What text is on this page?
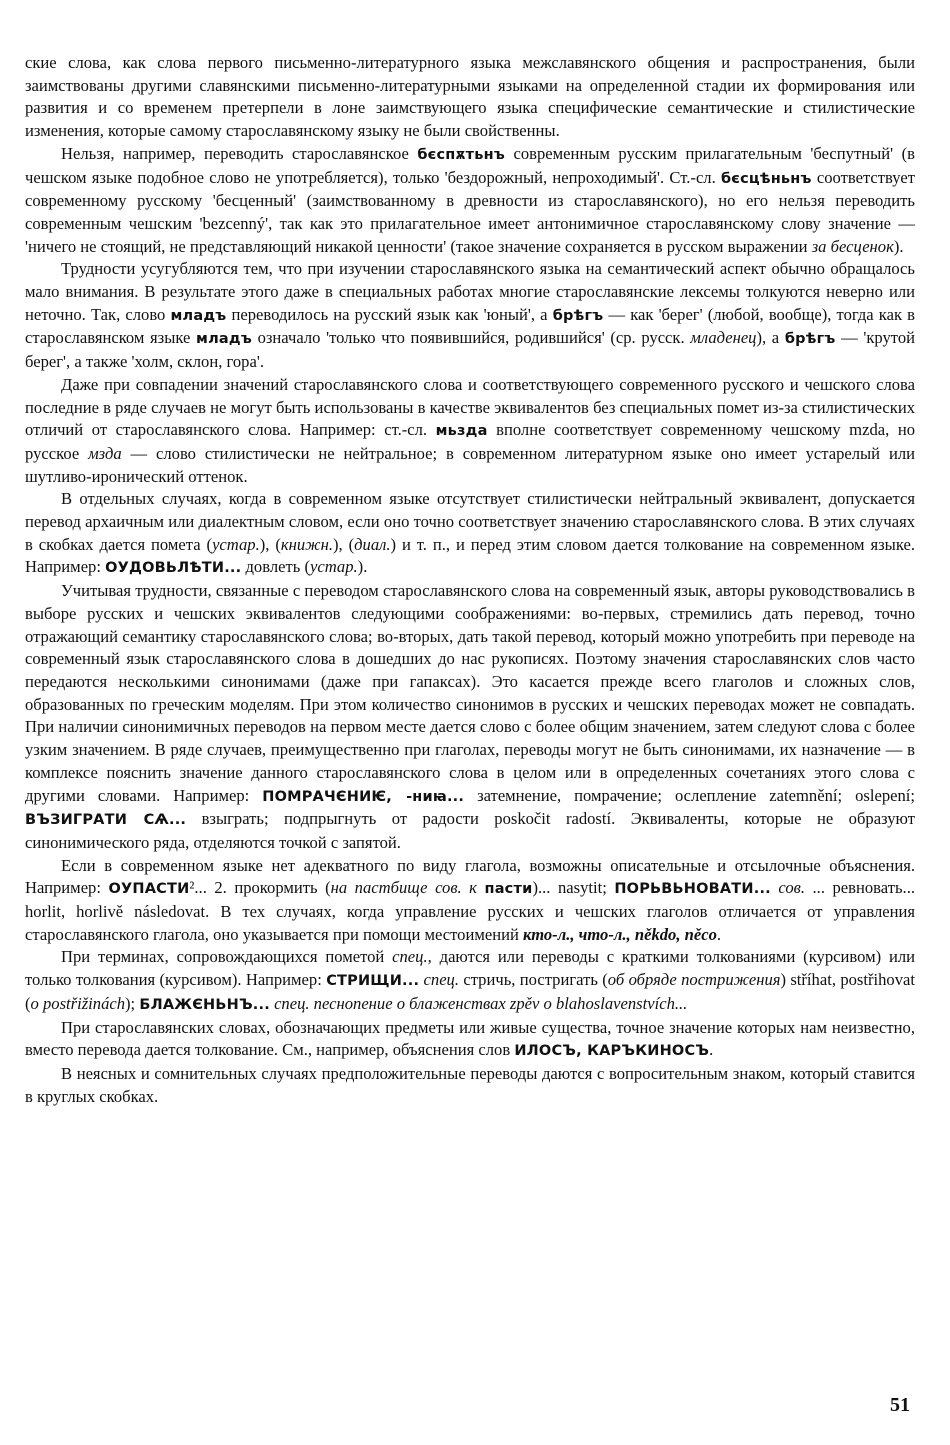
ские слова, как слова первого письменно-литературного языка межславянского общения и распространения, были заимствованы другими славянскими письменно-литературными языками на определенной стадии их формирования или развития и со временем претерпели в лоне заимствующего языка специфические семантические и стилистические изменения, которые самому старославянскому языку не были свойственны.

Нельзя, например, переводить старославянское бєспѫтьнъ современным русским прилагательным 'беспутный' (в чешском языке подобное слово не употребляется), только 'бездорожный, непроходимый'. Ст.-сл. бєсцѣньнъ соответствует современному русскому 'бесценный' (заимствованному в древности из старославянского), но его нельзя переводить современным чешским 'bezcenný', так как это прилагательное имеет антонимичное старославянскому слову значение — 'ничего не стоящий, не представляющий никакой ценности' (такое значение сохраняется в русском выражении за бесценок).

Трудности усугубляются тем, что при изучении старославянского языка на семантический аспект обычно обращалось мало внимания. В результате этого даже в специальных работах многие старославянские лексемы толкуются неверно или неточно. Так, слово младъ переводилось на русский язык как 'юный', а брѣгъ — как 'берег' (любой, вообще), тогда как в старославянском языке младъ означало 'только что появившийся, родившийся' (ср. русск. младенец), а брѣгъ — 'крутой берег', а также 'холм, склон, гора'.

Даже при совпадении значений старославянского слова и соответствующего современного русского и чешского слова последние в ряде случаев не могут быть использованы в качестве эквивалентов без специальных помет из-за стилистических отличий от старославянского слова. Например: ст.-сл. мьзда вполне соответствует современному чешскому mzda, но русское мзда — слово стилистически не нейтральное; в современном литературном языке оно имеет устарелый или шутливо-иронический оттенок.

В отдельных случаях, когда в современном языке отсутствует стилистически нейтральный эквивалент, допускается перевод архаичным или диалектным словом, если оно точно соответствует значению старославянского слова. В этих случаях в скобках дается помета (устар.), (книжн.), (диал.) и т. п., и перед этим словом дается толкование на современном языке. Например: ОУДОВЬЛѢТИ... довлеть (устар.).

Учитывая трудности, связанные с переводом старославянского слова на современный язык, авторы руководствовались в выборе русских и чешских эквивалентов следующими соображениями: во-первых, стремились дать перевод, точно отражающий семантику старославянского слова; во-вторых, дать такой перевод, который можно употребить при переводе на современный язык старославянского слова в дошедших до нас рукописях. Поэтому значения старославянских слов часто передаются несколькими синонимами (даже при гапаксах). Это касается прежде всего глаголов и сложных слов, образованных по греческим моделям. При этом количество синонимов в русских и чешских переводах может не совпадать. При наличии синонимичных переводов на первом месте дается слово с более общим значением, затем следуют слова с более узким значением. В ряде случаев, преимущественно при глаголах, переводы могут не быть синонимами, их назначение — в комплексе пояснить значение данного старославянского слова в целом или в определенных сочетаниях этого слова с другими словами. Например: ПОМРАЧЄНИѤ, -ниꙗ... затемнение, помрачение; ослепление zatemnění; oslepení; ВЪЗИГРАТИ СѦ... взыграть; подпрыгнуть от радости poskočit radostí. Эквиваленты, которые не образуют синонимического ряда, отделяются точкой с запятой.

Если в современном языке нет адекватного по виду глагола, возможны описательные и отсылочные объяснения. Например: ОУПАСТИ²... 2. прокормить (на пастбище сов. к пасти)... nasytit; ПОРЬВЬНОВАТИ... сов. ... ревновать... horlit, horlivě následovat. В тех случаях, когда управление русских и чешских глаголов отличается от управления старославянского глагола, оно указывается при помощи местоимений кто-л., что-л., někdo, něco.

При терминах, сопровождающихся пометой спец., даются или переводы с краткими толкованиями (курсивом) или только толкования (курсивом). Например: СТРИЩИ... спец. стричь, постригать (об обряде пострижения) stříhat, postřihovat (o postřižinách); БЛАЖЄНЬНЪ... спец. песнопение о блаженствах zpěv o blahoslavenstvích...

При старославянских словах, обозначающих предметы или живые существа, точное значение которых нам неизвестно, вместо перевода дается толкование. См., например, объяснения слов ИЛОСЪ, КАРЪКИНОСЪ.

В неясных и сомнительных случаях предположительные переводы даются с вопросительным знаком, который ставится в круглых скобках.

51
